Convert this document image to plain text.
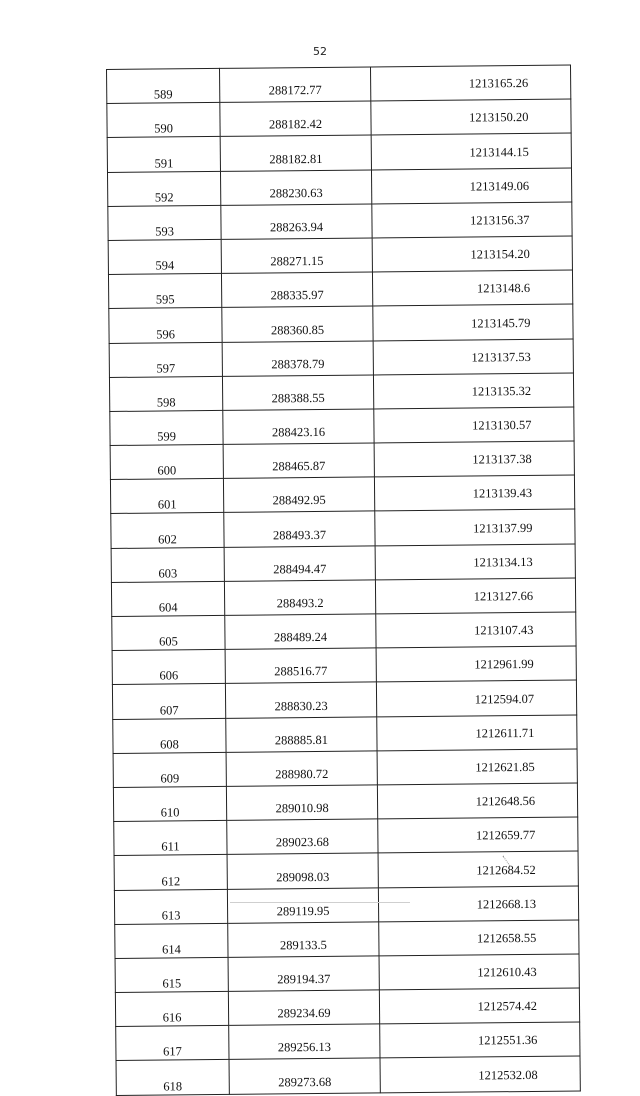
52
589	288172.77	1213165.26
590	288182.42	1213150.20
591	288182.81	1213144.15
592	288230.63	1213149.06
593	288263.94	1213156.37
594	288271.15	1213154.20
595	288335.97	1213148.6
596	288360.85	1213145.79
597	288378.79	1213137.53
598	288388.55	1213135.32
599	288423.16	1213130.57
600	288465.87	1213137.38
601	288492.95	1213139.43
602	288493.37	1213137.99
603	288494.47	1213134.13
604	288493.2	1213127.66
605	288489.24	1213107.43
606	288516.77	1212961.99
607	288830.23	1212594.07
608	288885.81	1212611.71
609	288980.72	1212621.85
610	289010.98	1212648.56
611	289023.68	1212659.77
612	289098.03	1212684.52
613	289119.95	1212668.13
614	289133.5	1212658.55
615	289194.37	1212610.43
616	289234.69	1212574.42
617	289256.13	1212551.36
618	289273.68	1212532.08
